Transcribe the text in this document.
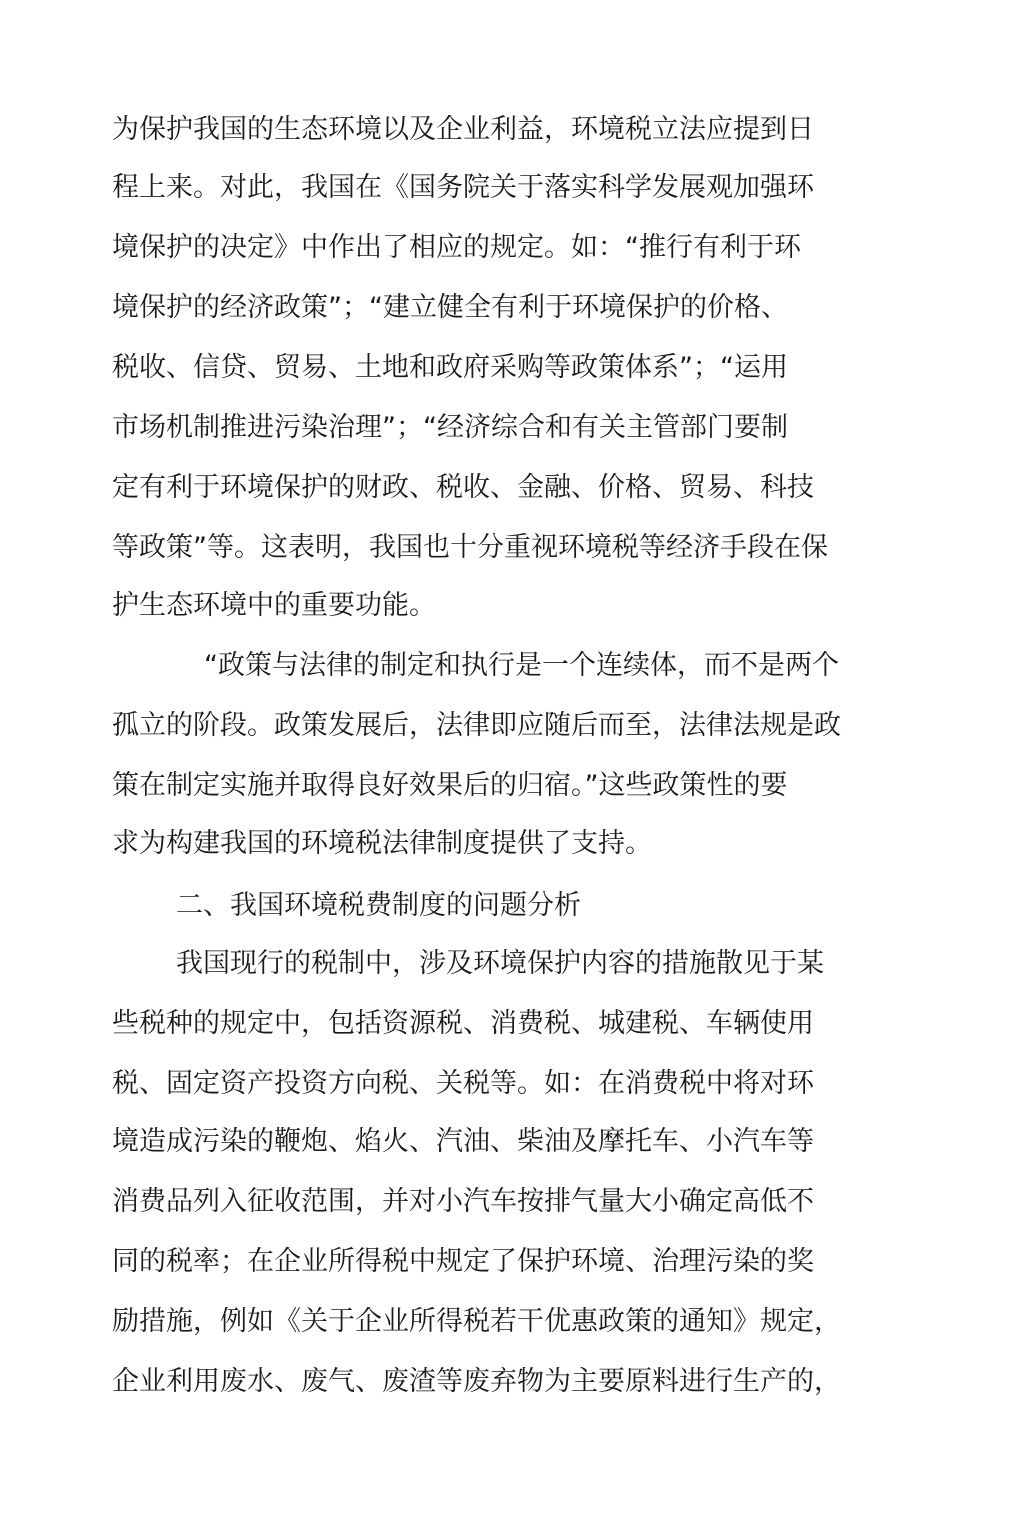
为保护我国的生态环境以及企业利益，环境税立法应提到日
程上来。对此，我国在《国务院关于落实科学发展观加强环
境保护的决定》中作出了相应的规定。如：“推行有利于环
境保护的经济政策”；“建立健全有利于环境保护的价格、
税收、信贷、贸易、土地和政府采购等政策体系”；“运用
市场机制推进污染治理”；“经济综合和有关主管部门要制
定有利于环境保护的财政、税收、金融、价格、贸易、科技
等政策”等。这表明，我国也十分重视环境税等经济手段在保
护生态环境中的重要功能。
“政策与法律的制定和执行是一个连续体，而不是两个
孤立的阶段。政策发展后，法律即应随后而至，法律法规是政
策在制定实施并取得良好效果后的归宿。”这些政策性的要
求为构建我国的环境税法律制度提供了支持。
二、我国环境税费制度的问题分析
我国现行的税制中，涉及环境保护内容的措施散见于某
些税种的规定中，包括资源税、消费税、城建税、车辆使用
税、固定资产投资方向税、关税等。如：在消费税中将对环
境造成污染的鞭炮、焰火、汽油、柴油及摩托车、小汽车等
消费品列入征收范围，并对小汽车按排气量大小确定高低不
同的税率；在企业所得税中规定了保护环境、治理污染的奖
励措施，例如《关于企业所得税若干优惠政策的通知》规定，
企业利用废水、废气、废渣等废弃物为主要原料进行生产的，
